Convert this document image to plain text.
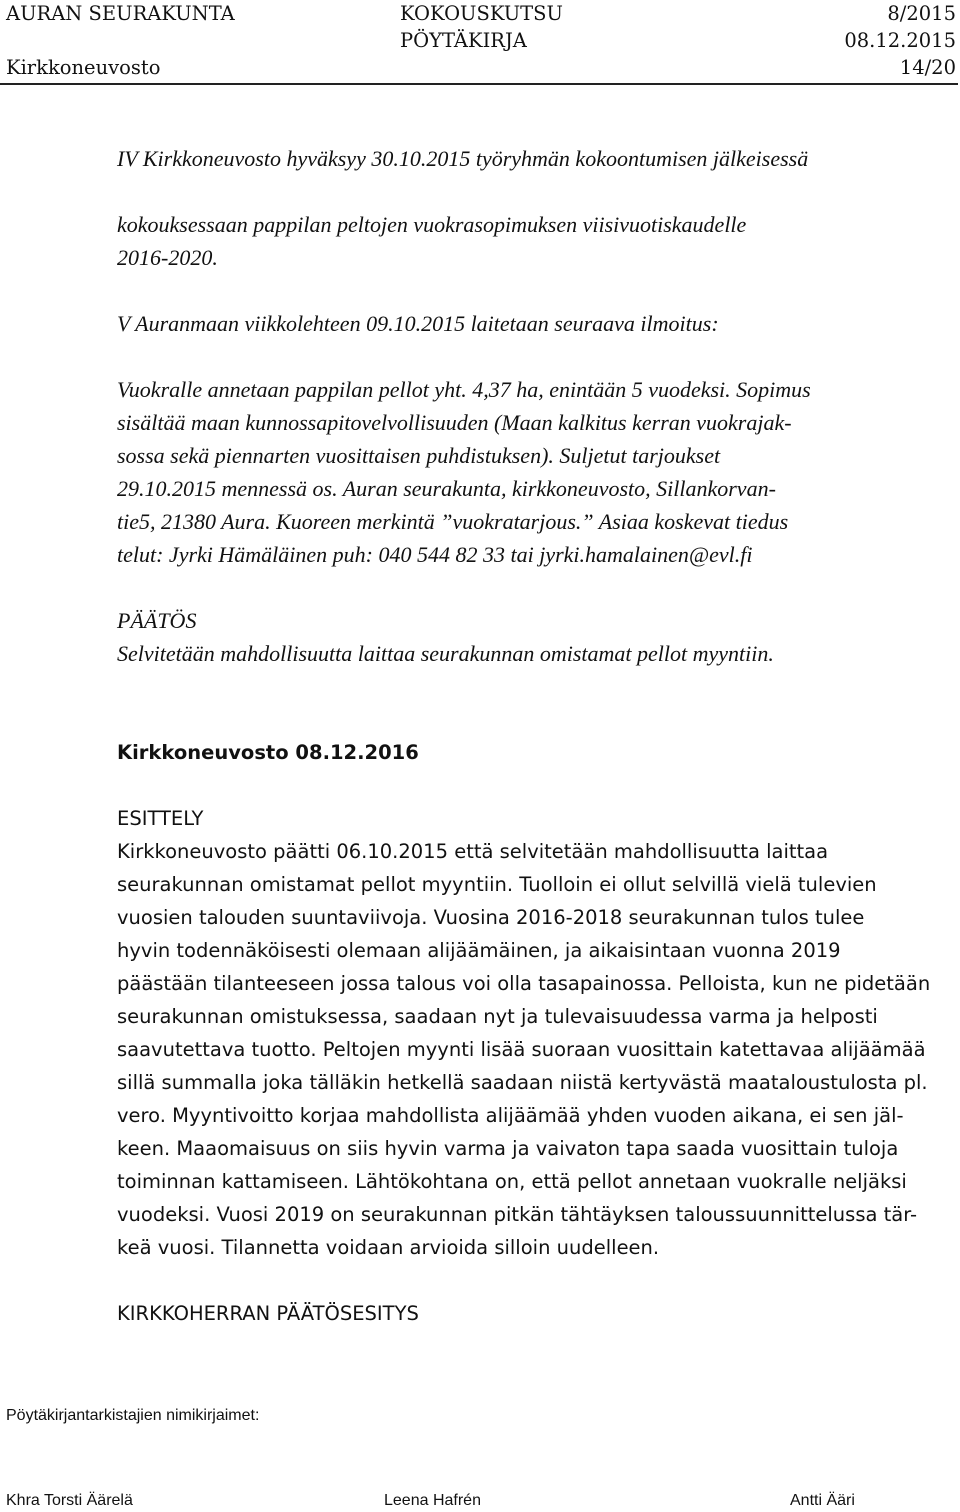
AURAN SEURAKUNTA	KOKOUSKUTSU
PÖYTÄKIRJA
8/2015
08.12.2015
Kirkkoneuvosto	14/20
IV Kirkkoneuvosto hyväksyy 30.10.2015 työryhmän kokoontumisen jälkeisessä
kokouksessaan pappilan peltojen vuokrasopimuksen viisivuotiskaudelle
2016-2020.
V Auranmaan viikkolehteen 09.10.2015 laitetaan seuraava ilmoitus:
Vuokralle annetaan pappilan pellot yht. 4,37 ha, enintään 5 vuodeksi. Sopimus
sisältää maan kunnossapitovelvollisuuden (Maan kalkitus kerran vuokrajak-
sossa sekä piennarten vuosittaisen puhdistuksen). Suljetut tarjoukset
29.10.2015 mennessä os. Auran seurakunta, kirkkoneuvosto, Sillankorvan-
tie5, 21380 Aura. Kuoreen merkintä ”vuokratarjous.” Asiaa koskevat tiedus
telut: Jyrki Hämäläinen puh: 040 544 82 33 tai jyrki.hamalainen@evl.fi
PÄÄTÖS
Selvitetään mahdollisuutta laittaa seurakunnan omistamat pellot myyntiin.
Kirkkoneuvosto 08.12.2016
ESITTELY
Kirkkoneuvosto päätti 06.10.2015 että selvitetään mahdollisuutta laittaa
seurakunnan omistamat pellot myyntiin. Tuolloin ei ollut selvillä vielä tulevien
vuosien talouden suuntaviivoja. Vuosina 2016-2018 seurakunnan tulos tulee
hyvin todennäköisesti olemaan alijäämäinen, ja aikaisintaan vuonna 2019
päästään tilanteeseen jossa talous voi olla tasapainossa. Pelloista, kun ne pidetään
seurakunnan omistuksessa, saadaan nyt ja tulevaisuudessa varma ja helposti
saavutettava tuotto. Peltojen myynti lisää suoraan vuosittain katettavaa alijäämää
sillä summalla joka tälläkin hetkellä saadaan niistä kertyvästä maataloustulosta pl.
vero. Myyntivoitto korjaa mahdollista alijäämää yhden vuoden aikana, ei sen jäl-
keen. Maaomaisuus on siis hyvin varma ja vaivaton tapa saada vuosittain tuloja
toiminnan kattamiseen. Lähtökohtana on, että pellot annetaan vuokralle neljäksi
vuodeksi. Vuosi 2019 on seurakunnan pitkän tähtäyksen taloussuunnittelussa tär-
keä vuosi. Tilannetta voidaan arvioida silloin uudelleen.
KIRKKOHERRAN PÄÄTÖSESITYS
Pöytäkirjantarkistajien nimikirjaimet:
Khra Torsti Äärelä	Leena Hafrén	Antti Ääri
